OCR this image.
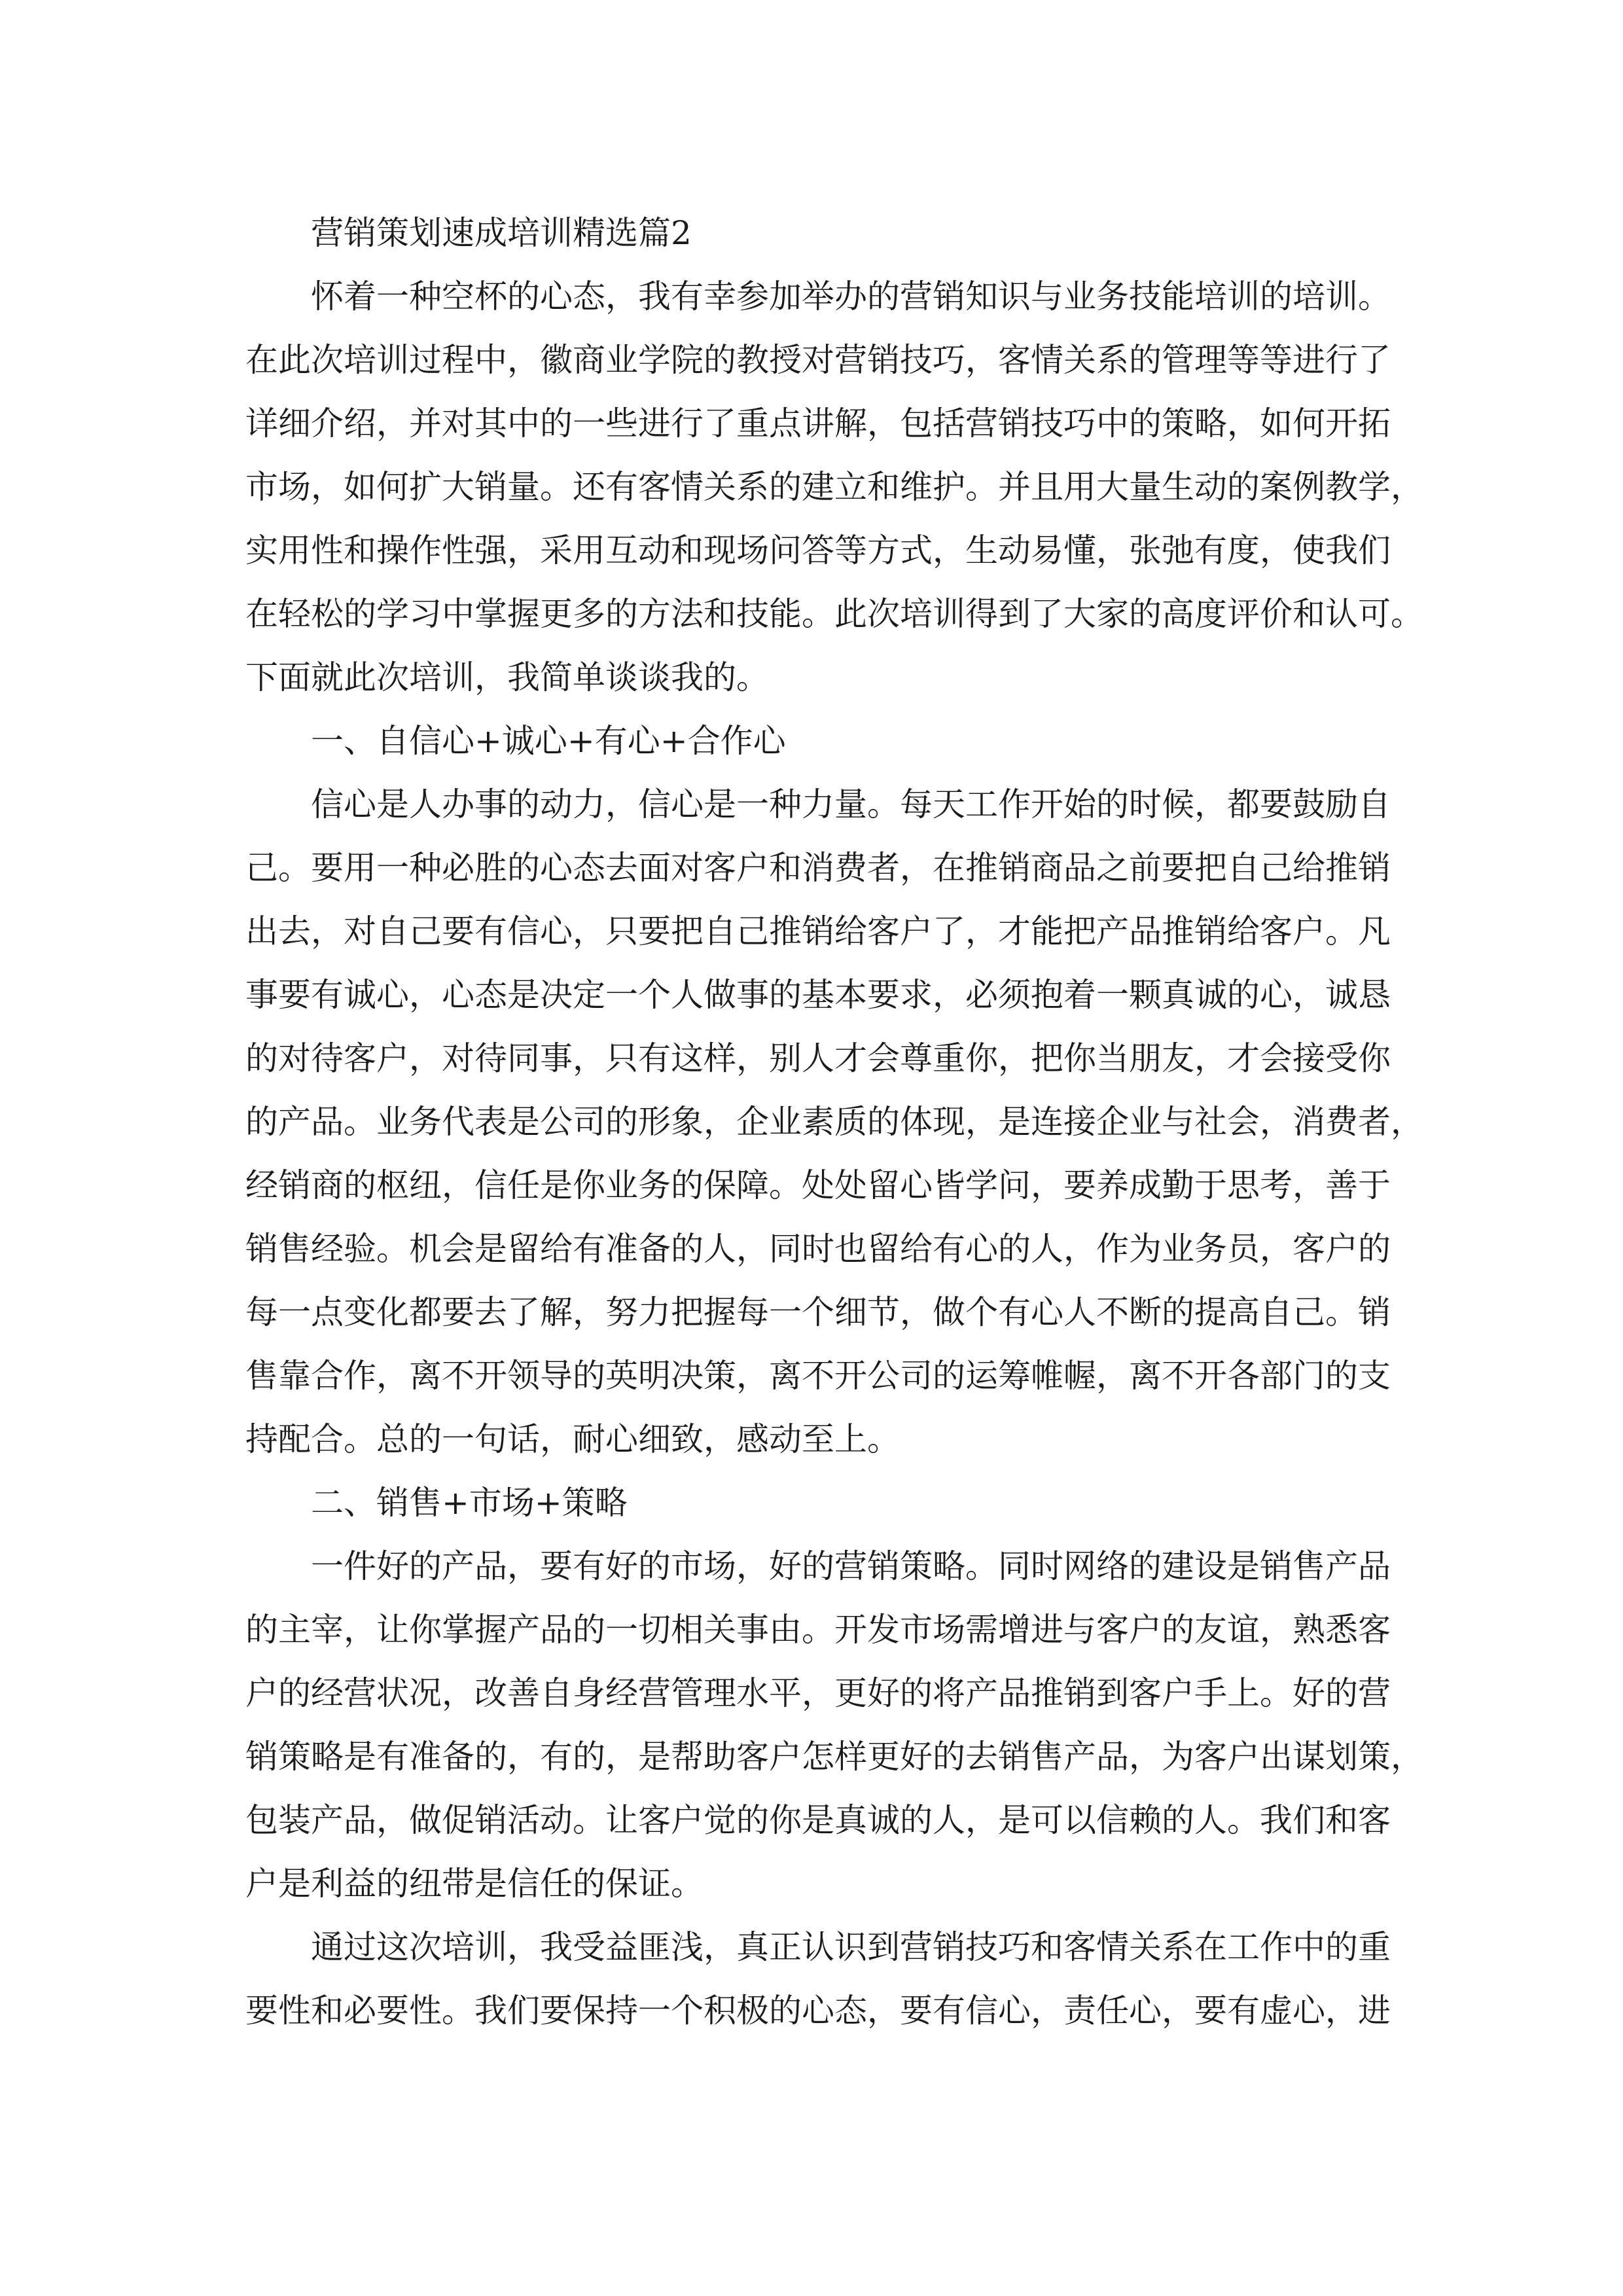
营销策划速成培训精选篇2
怀着一种空杯的心态，我有幸参加举办的营销知识与业务技能培训的培训。
在此次培训过程中，徽商业学院的教授对营销技巧，客情关系的管理等等进行了
详细介绍，并对其中的一些进行了重点讲解，包括营销技巧中的策略，如何开拓
市场，如何扩大销量。还有客情关系的建立和维护。并且用大量生动的案例教学，
实用性和操作性强，采用互动和现场问答等方式，生动易懂，张弛有度，使我们
在轻松的学习中掌握更多的方法和技能。此次培训得到了大家的高度评价和认可。
下面就此次培训，我简单谈谈我的。
一、自信心+诚心+有心+合作心
信心是人办事的动力，信心是一种力量。每天工作开始的时候，都要鼓励自
己。要用一种必胜的心态去面对客户和消费者，在推销商品之前要把自己给推销
出去，对自己要有信心，只要把自己推销给客户了，才能把产品推销给客户。凡
事要有诚心，心态是决定一个人做事的基本要求，必须抱着一颗真诚的心，诚恳
的对待客户，对待同事，只有这样，别人才会尊重你，把你当朋友，才会接受你
的产品。业务代表是公司的形象，企业素质的体现，是连接企业与社会，消费者，
经销商的枢纽，信任是你业务的保障。处处留心皆学问，要养成勤于思考，善于
销售经验。机会是留给有准备的人，同时也留给有心的人，作为业务员，客户的
每一点变化都要去了解，努力把握每一个细节，做个有心人不断的提高自己。销
售靠合作，离不开领导的英明决策，离不开公司的运筹帷幄，离不开各部门的支
持配合。总的一句话，耐心细致，感动至上。
二、销售+市场+策略
一件好的产品，要有好的市场，好的营销策略。同时网络的建设是销售产品
的主宰，让你掌握产品的一切相关事由。开发市场需增进与客户的友谊，熟悉客
户的经营状况，改善自身经营管理水平，更好的将产品推销到客户手上。好的营
销策略是有准备的，有的，是帮助客户怎样更好的去销售产品，为客户出谋划策，
包装产品，做促销活动。让客户觉的你是真诚的人，是可以信赖的人。我们和客
户是利益的纽带是信任的保证。
通过这次培训，我受益匪浅，真正认识到营销技巧和客情关系在工作中的重
要性和必要性。我们要保持一个积极的心态，要有信心，责任心，要有虚心，进
